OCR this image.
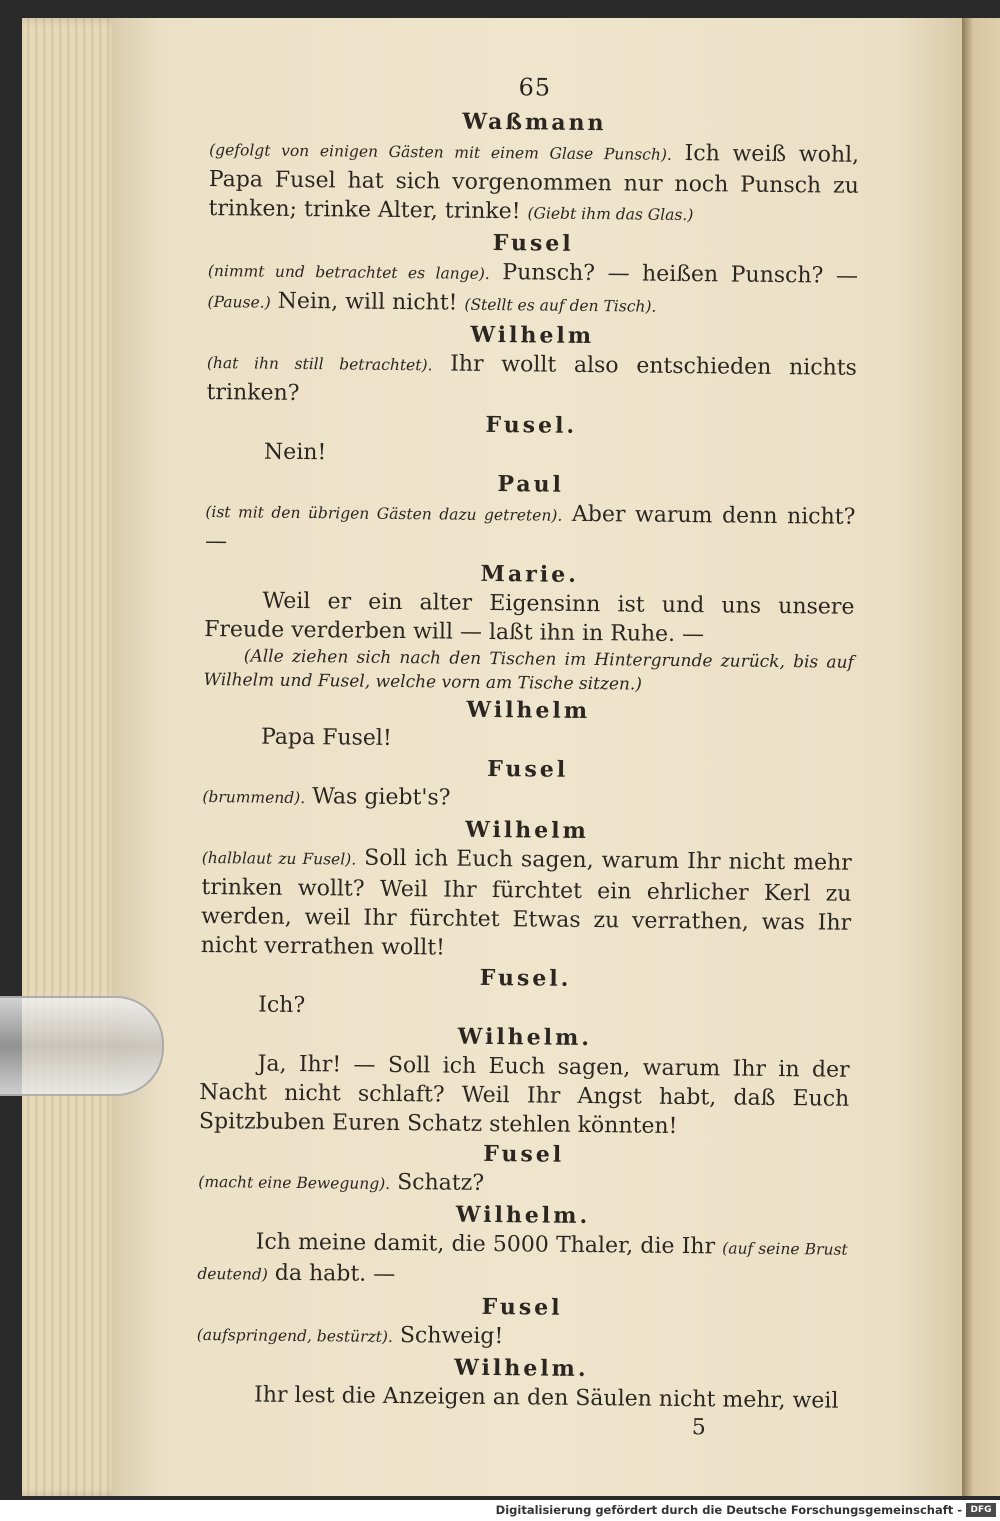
65
Waßmann
(gefolgt von einigen Gästen mit einem Glase Punsch). Ich weiß wohl, Papa Fusel hat sich vorgenommen nur noch Punsch zu trinken; trinke Alter, trinke! (Giebt ihm das Glas.)
Fusel
(nimmt und betrachtet es lange). Punsch? — heißen Punsch? — (Pause.) Nein, will nicht! (Stellt es auf den Tisch).
Wilhelm
(hat ihn still betrachtet). Ihr wollt also entschieden nichts trinken?
Fusel.
Nein!
Paul
(ist mit den übrigen Gästen dazu getreten). Aber warum denn nicht? —
Marie.
Weil er ein alter Eigensinn ist und uns unsere Freude verderben will — laßt ihn in Ruhe. —
(Alle ziehen sich nach den Tischen im Hintergrunde zurück, bis auf Wilhelm und Fusel, welche vorn am Tische sitzen.)
Wilhelm
Papa Fusel!
Fusel
(brummend). Was giebt's?
Wilhelm
(halblaut zu Fusel). Soll ich Euch sagen, warum Ihr nicht mehr trinken wollt? Weil Ihr fürchtet ein ehrlicher Kerl zu werden, weil Ihr fürchtet Etwas zu verrathen, was Ihr nicht verrathen wollt!
Fusel.
Ich?
Wilhelm.
Ja, Ihr! — Soll ich Euch sagen, warum Ihr in der Nacht nicht schlaft? Weil Ihr Angst habt, daß Euch Spitzbuben Euren Schatz stehlen könnten!
Fusel
(macht eine Bewegung). Schatz?
Wilhelm.
Ich meine damit, die 5000 Thaler, die Ihr (auf seine Brust deutend) da habt. —
Fusel
(aufspringend, bestürzt). Schweig!
Wilhelm.
Ihr lest die Anzeigen an den Säulen nicht mehr, weil
5
Digitalisierung gefördert durch die Deutsche Forschungsgemeinschaft - DFG
